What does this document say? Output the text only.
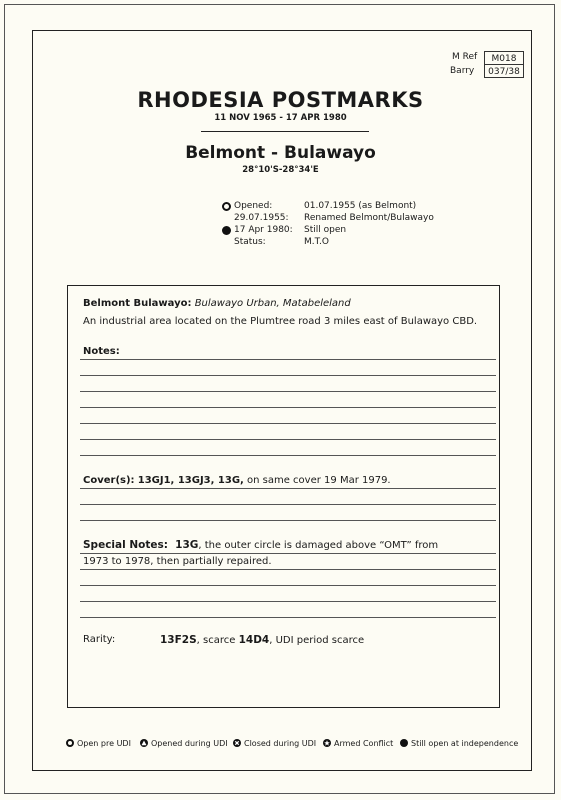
M Ref	M018
Barry	037/38
RHODESIA POSTMARKS
11 NOV 1965 - 17 APR 1980
Belmont - Bulawayo
28°10'S-28°34'E
Opened:	01.07.1955 (as Belmont)
29.07.1955: Renamed Belmont/Bulawayo
17 Apr 1980: Still open
Status:	M.T.O
Belmont Bulawayo: Bulawayo Urban, Matabeleland
An industrial area located on the Plumtree road 3 miles east of Bulawayo CBD.
Notes:
Cover(s): 13GJ1, 13GJ3, 13G, on same cover 19 Mar 1979.
Special Notes: 13G, the outer circle is damaged above “OMT” from
1973 to 1978, then partially repaired.
Rarity:	13F2S, scarce 14D4, UDI period scarce
Open pre UDI	Opened during UDI	Closed during UDI	Armed Conflict	Still open at independence
